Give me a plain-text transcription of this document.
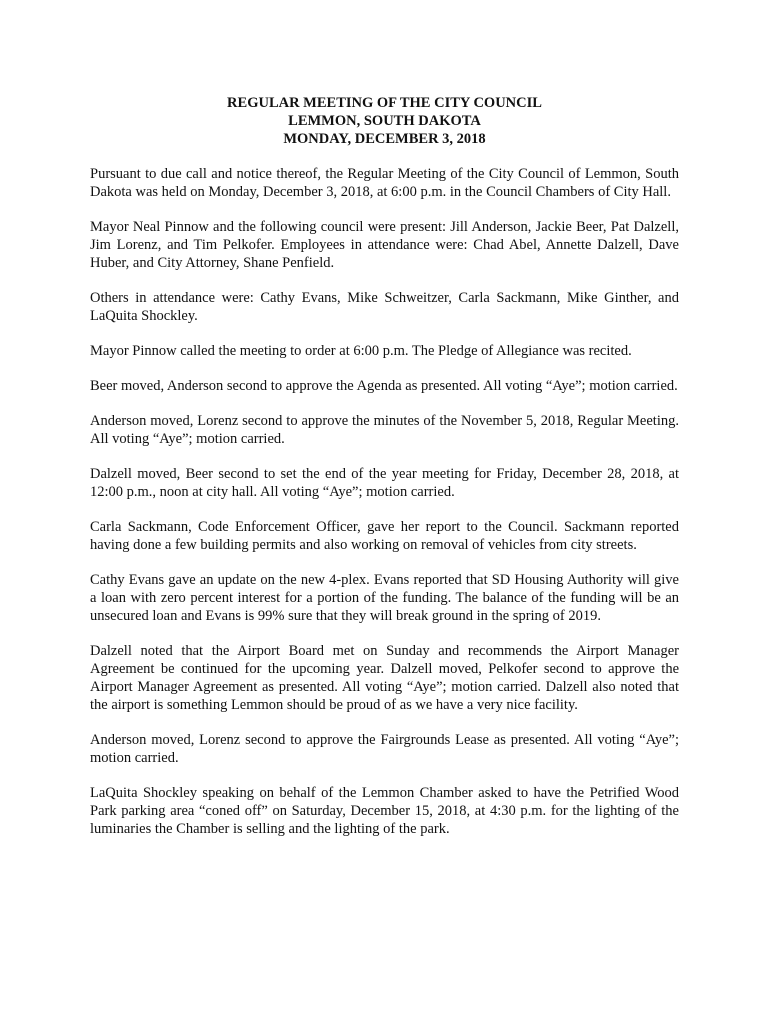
REGULAR MEETING OF THE CITY COUNCIL
LEMMON, SOUTH DAKOTA
MONDAY, DECEMBER 3, 2018

Pursuant to due call and notice thereof, the Regular Meeting of the City Council of Lemmon, South Dakota was held on Monday, December 3, 2018, at 6:00 p.m. in the Council Chambers of City Hall.

Mayor Neal Pinnow and the following council were present: Jill Anderson, Jackie Beer, Pat Dalzell, Jim Lorenz, and Tim Pelkofer. Employees in attendance were: Chad Abel, Annette Dalzell, Dave Huber, and City Attorney, Shane Penfield.

Others in attendance were: Cathy Evans, Mike Schweitzer, Carla Sackmann, Mike Ginther, and LaQuita Shockley.

Mayor Pinnow called the meeting to order at 6:00 p.m. The Pledge of Allegiance was recited.

Beer moved, Anderson second to approve the Agenda as presented. All voting “Aye”; motion carried.

Anderson moved, Lorenz second to approve the minutes of the November 5, 2018, Regular Meeting. All voting “Aye”; motion carried.

Dalzell moved, Beer second to set the end of the year meeting for Friday, December 28, 2018, at 12:00 p.m., noon at city hall. All voting “Aye”; motion carried.

Carla Sackmann, Code Enforcement Officer, gave her report to the Council. Sackmann reported having done a few building permits and also working on removal of vehicles from city streets.

Cathy Evans gave an update on the new 4-plex. Evans reported that SD Housing Authority will give a loan with zero percent interest for a portion of the funding. The balance of the funding will be an unsecured loan and Evans is 99% sure that they will break ground in the spring of 2019.

Dalzell noted that the Airport Board met on Sunday and recommends the Airport Manager Agreement be continued for the upcoming year. Dalzell moved, Pelkofer second to approve the Airport Manager Agreement as presented. All voting “Aye”; motion carried. Dalzell also noted that the airport is something Lemmon should be proud of as we have a very nice facility.

Anderson moved, Lorenz second to approve the Fairgrounds Lease as presented. All voting “Aye”; motion carried.

LaQuita Shockley speaking on behalf of the Lemmon Chamber asked to have the Petrified Wood Park parking area “coned off” on Saturday, December 15, 2018, at 4:30 p.m. for the lighting of the luminaries the Chamber is selling and the lighting of the park.
